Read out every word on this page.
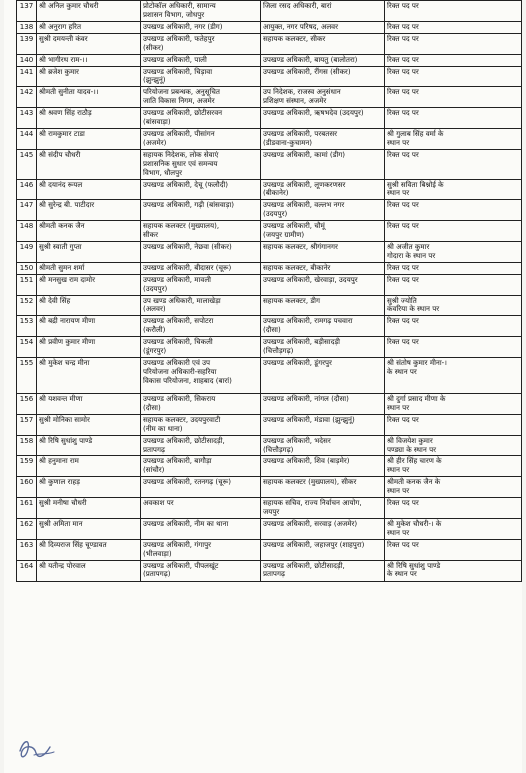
137	श्री अनिल कुमार चौधरी	प्रोटोकॉल अधिकारी, सामान्य
प्रशासन विभाग, जोधपुर	जिला रसद अधिकारी, बारां	रिक्त पद पर
138	श्री अनुराग हरित	उपखण्ड अधिकारी, नगर (डीग)	आयुक्त, नगर परिषद, अलवर	रिक्त पद पर
139	सुश्री दमयन्ती कंवर	उपखण्ड अधिकारी, फतेहपुर
(सीकर)	सहायक कलक्टर, सीकर	रिक्त पद पर
140	श्री भागीरथ राम-।।	उपखण्ड अधिकारी, पाली	उपखण्ड अधिकारी, बायतु (बालोतरा)	रिक्त पद पर
141	श्री ब्रजेश कुमार	उपखण्ड अधिकारी, चिड़ावा
(झुन्झुनूं)	उपखण्ड अधिकारी, रींगस (सीकर)	रिक्त पद पर
142	श्रीमती सुनीता यादव-।।	परियोजना प्रबन्धक, अनुसूचित
जाति विकास निगम, अजमेर	उप निदेशक, राजस्व अनुसंधान
प्रशिक्षण संस्थान, अजमेर	रिक्त पद पर
143	श्री श्रवण सिंह राठौड़	उपखण्ड अधिकारी, छोटीसरवन
(बांसवाड़ा)	उपखण्ड अधिकारी, ऋषभदेव (उदयपुर)	रिक्त पद पर
144	श्री रामकुमार टाडा	उपखण्ड अधिकारी, पीसांगन
(अजमेर)	उपखण्ड अधिकारी, परबतसर
(डीडवाना-कुचामन)	श्री गुलाब सिंह वर्मा के
स्थान पर
145	श्री संदीप चौधरी	सहायक निदेशक, लोक सेवाएं
प्रशासनिक सुधार एवं समन्वय
विभाग, धौलपुर	उपखण्ड अधिकारी, कामां (डीग)	रिक्त पद पर
146	श्री दयानंद रूयल	उपखण्ड अधिकारी, देचू (फलौदी)	उपखण्ड अधिकारी, लूणकरणसर
(बीकानेर)	सुश्री सविता बिश्नोई के
स्थान पर
147	श्री सुरेन्द्र बी. पाटीदार	उपखण्ड अधिकारी, गढ़ी (बांसवाड़ा)	उपखण्ड अधिकारी, वल्लभ नगर
(उदयपुर)	रिक्त पद पर
148	श्रीमती कनक जैन	सहायक कलक्टर (मुख्यालय),
सीकर	उपखण्ड अधिकारी, चौमूं
(जयपुर ग्रामीण)	रिक्त पद पर
149	सुश्री स्वाती गुप्ता	उपखण्ड अधिकारी, नेछवा (सीकर)	सहायक कलक्टर, श्रीगंगानगर	श्री अजीत कुमार
गोदारा के स्थान पर
150	श्रीमती सुमन शर्मा	उपखण्ड अधिकारी, बीदासर (चूरू)	सहायक कलक्टर, बीकानेर	रिक्त पद पर
151	श्री मनसुख राम दामोर	उपखण्ड अधिकारी, मावली
(उदयपुर)	उपखण्ड अधिकारी, खेरवाड़ा, उदयपुर	रिक्त पद पर
152	श्री देवी सिंह	उप खण्ड अधिकारी, मालाखेड़ा
(अलवर)	सहायक कलक्टर, डीग	सुश्री ज्योति
कंवरिया के स्थान पर
153	श्री बद्री नारायण मीणा	उपखण्ड अधिकारी, सपोटरा
(करौली)	उपखण्ड अधिकारी, रामगढ़ पचवारा
(दौसा)	रिक्त पद पर
154	श्री प्रवीण कुमार मीणा	उपखण्ड अधिकारी, चिकली
(डूंगरपुर)	उपखण्ड अधिकारी, बड़ीसादड़ी
(चित्तौड़गढ़)	रिक्त पद पर
155	श्री मुकेश चन्द्र मीना	उपखण्ड अधिकारी एवं उप
परियोजना अधिकारी-सहरिया
विकास परियोजना, शाहबाद (बारां)	उपखण्ड अधिकारी, डूंगरपुर	श्री संतोष कुमार मीना-।
के स्थान पर
156	श्री यशवन्त मीणा	उपखण्ड अधिकारी, सिकराय
(दौसा)	उपखण्ड अधिकारी, नांगल (दौसा)	श्री दुर्गा प्रसाद मीणा के
स्थान पर
157	सुश्री मोनिका सामोर	सहायक कलक्टर, उदयपुरवाटी
(नीम का थाना)	उपखण्ड अधिकारी, मंडावा (झुन्झुनूं)	रिक्त पद पर
158	श्री रिषि सुधांशु पाण्डे	उपखण्ड अधिकारी, छोटीसादड़ी,
प्रतापगढ़	उपखण्ड अधिकारी, भदेसर
(चित्तौड़गढ़)	श्री विजयेश कुमार
पण्ड्या के स्थान पर
159	श्री हनुमाना राम	उपखण्ड अधिकारी, बागौड़ा
(सांचौर)	उपखण्ड अधिकारी, शिव (बाड़मेर)	श्री हीर सिंह चारण के
स्थान पर
160	श्री कुणाल राहड़	उपखण्ड अधिकारी, रतनगढ़ (चूरू)	सहायक कलक्टर (मुख्यालय), सीकर	श्रीमती कनक जैन के
स्थान पर
161	सुश्री मनीषा चौधरी	अवकाश पर	सहायक सचिव, राज्य निर्वाचन आयोग,
जयपुर	रिक्त पद पर
162	सुश्री अमिता मान	उपखण्ड अधिकारी, नीम का थाना	उपखण्ड अधिकारी, सरवाड़ (अजमेर)	श्री मुकेश चौधरी-। के
स्थान पर
163	श्री दिव्यराज सिंह चूण्डावत	उपखण्ड अधिकारी, गंगापुर
(भीलवाड़ा)	उपखण्ड अधिकारी, जहाजपुर (शाहपुरा)	रिक्त पद पर
164	श्री यतीन्द्र पोरवाल	उपखण्ड अधिकारी, पीपलखूंट
(प्रतापगढ़)	उपखण्ड अधिकारी, छोटीसादड़ी,
प्रतापगढ़	श्री रिषि सुधांशु पाण्डे
के स्थान पर
